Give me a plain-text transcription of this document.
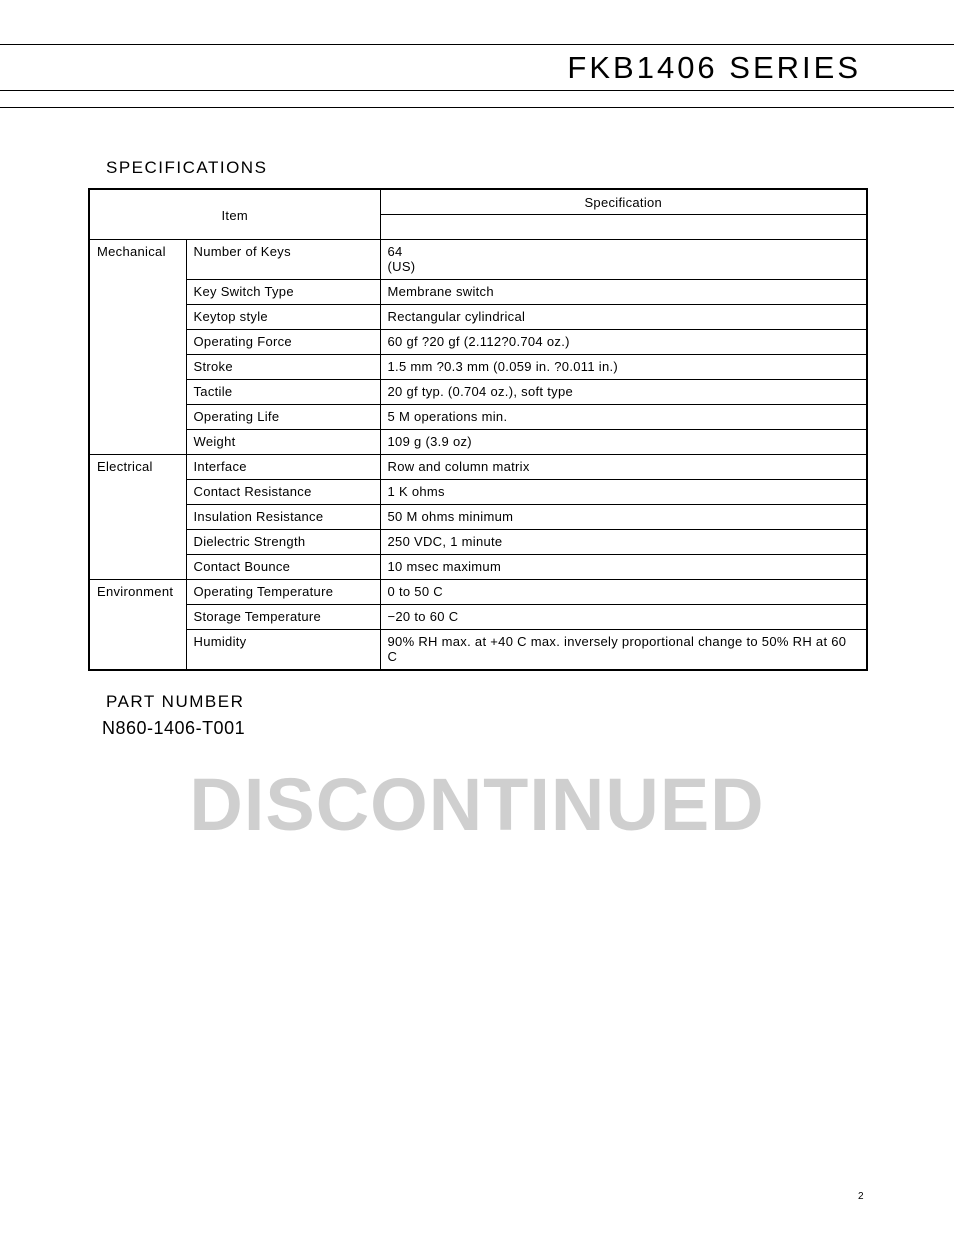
FKB1406 SERIES
SPECIFICATIONS
Item		Specification

Mechanical	Number of Keys	64
(US)
	Key Switch Type	Membrane switch
	Keytop style	Rectangular cylindrical
	Operating Force	60 gf ?20 gf (2.112?0.704 oz.)
	Stroke	1.5 mm ?0.3 mm (0.059 in. ?0.011 in.)
	Tactile	20 gf typ. (0.704 oz.), soft type
	Operating Life	5 M operations min.
	Weight	109 g (3.9 oz)
Electrical	Interface	Row and column matrix
	Contact Resistance	1 K ohms
	Insulation Resistance	50 M ohms minimum
	Dielectric Strength	250 VDC, 1 minute
	Contact Bounce	10 msec maximum
Environment	Operating Temperature	0 to 50 C
	Storage Temperature	−20 to 60 C
	Humidity	90% RH max. at +40 C max. inversely proportional change to 50% RH at 60 C
PART NUMBER
N860-1406-T001
DISCONTINUED
2
